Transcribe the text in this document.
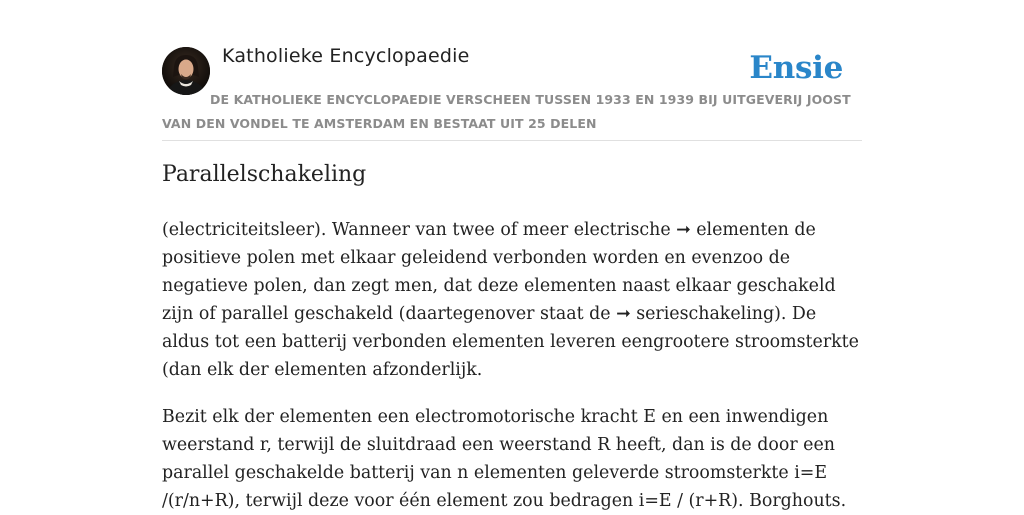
Katholieke Encyclopaedie	Ensie
DE KATHOLIEKE ENCYCLOPAEDIE VERSCHEEN TUSSEN 1933 EN 1939 BIJ UITGEVERIJ JOOST VAN DEN VONDEL TE AMSTERDAM EN BESTAAT UIT 25 DELEN
Parallelschakeling

(electriciteitsleer). Wanneer van twee of meer electrische ➞ elementen de positieve polen met elkaar geleidend verbonden worden en evenzoo de negatieve polen, dan zegt men, dat deze elementen naast elkaar geschakeld zijn of parallel geschakeld (daartegenover staat de ➞ serieschakeling). De aldus tot een batterij verbonden elementen leveren eengrootere stroomsterkte (dan elk der elementen afzonderlijk.

Bezit elk der elementen een electromotorische kracht E en een inwendigen weerstand r, terwijl de sluitdraad een weerstand R heeft, dan is de door een parallel geschakelde batterij van n elementen geleverde stroomsterkte i=E /(r/n+R), terwijl deze voor één element zou bedragen i=E / (r+R). Borghouts.
